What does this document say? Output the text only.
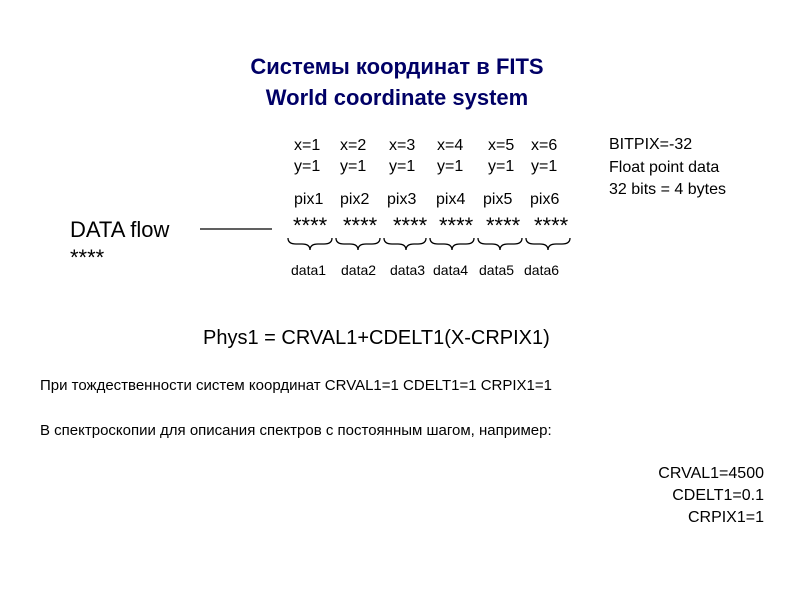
Системы координат в FITS
World coordinate system
x=1 x=2 x=3 x=4 x=5 x=6
y=1 y=1 y=1 y=1 y=1 y=1
pix1 pix2 pix3 pix4 pix5 pix6
DATA flow
****
**** **** **** **** **** ****
data1 data2 data3 data4 data5 data6
BITPIX=-32
Float point data
32 bits = 4 bytes
Phys1 = CRVAL1+CDELT1(X-CRPIX1)
При тождественности систем координат CRVAL1=1 CDELT1=1 CRPIX1=1
В спектроскопии для описания спектров с постоянным шагом, например:
CRVAL1=4500
CDELT1=0.1
CRPIX1=1
